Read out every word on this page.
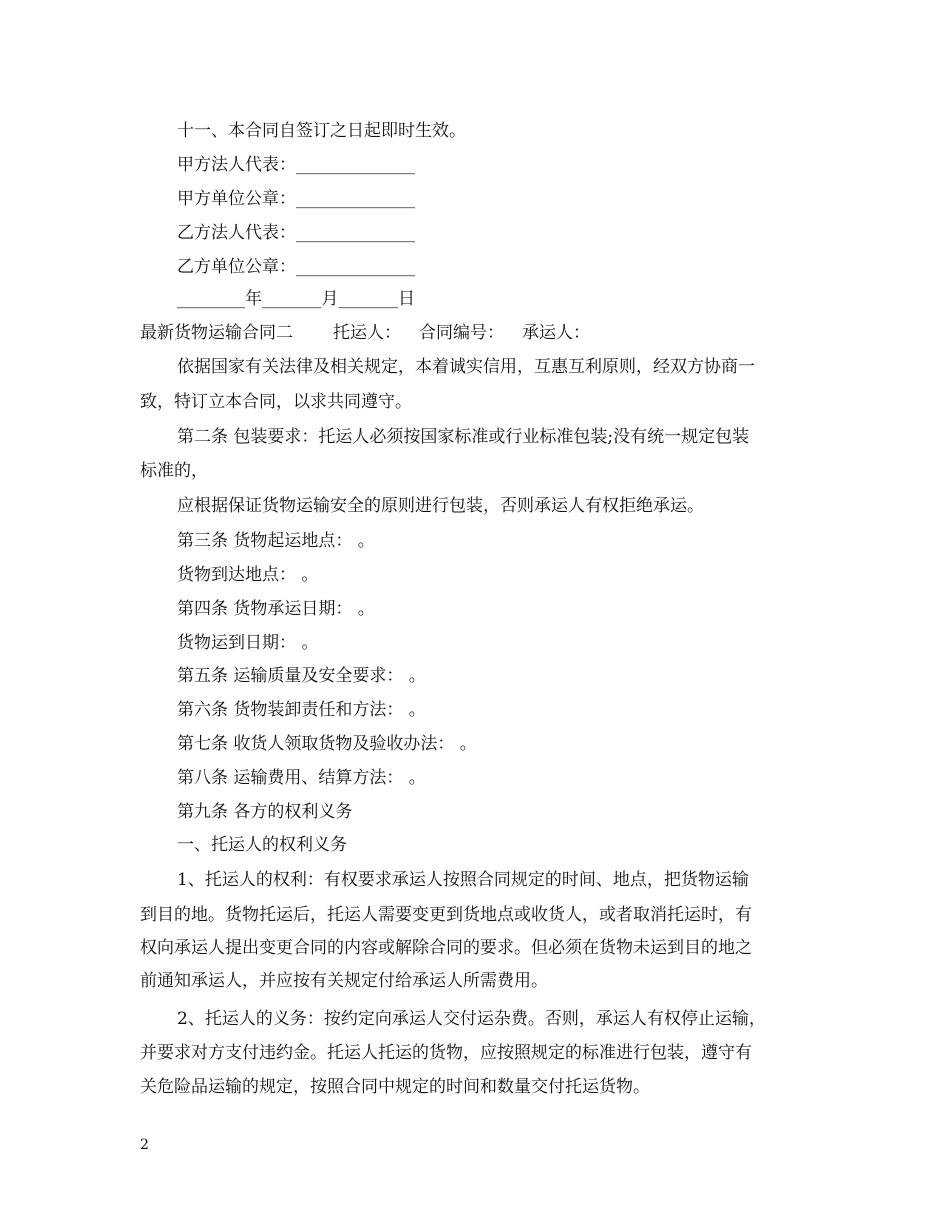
十一、本合同自签订之日起即时生效。
甲方法人代表：______________
甲方单位公章：______________
乙方法人代表：______________
乙方单位公章：______________
________年_______月_______日
最新货物运输合同二 托运人： 合同编号： 承运人：
依据国家有关法律及相关规定，本着诚实信用，互惠互利原则，经双方协商一
致，特订立本合同，以求共同遵守。
第二条 包装要求：托运人必须按国家标准或行业标准包装;没有统一规定包装
标准的，
应根据保证货物运输安全的原则进行包装，否则承运人有权拒绝承运。
第三条 货物起运地点： 。
货物到达地点： 。
第四条 货物承运日期： 。
货物运到日期： 。
第五条 运输质量及安全要求： 。
第六条 货物装卸责任和方法： 。
第七条 收货人领取货物及验收办法： 。
第八条 运输费用、结算方法： 。
第九条 各方的权利义务
一、托运人的权利义务
1、托运人的权利：有权要求承运人按照合同规定的时间、地点，把货物运输
到目的地。货物托运后，托运人需要变更到货地点或收货人，或者取消托运时，有
权向承运人提出变更合同的内容或解除合同的要求。但必须在货物未运到目的地之
前通知承运人，并应按有关规定付给承运人所需费用。
2、托运人的义务：按约定向承运人交付运杂费。否则，承运人有权停止运输，
并要求对方支付违约金。托运人托运的货物，应按照规定的标准进行包装，遵守有
关危险品运输的规定，按照合同中规定的时间和数量交付托运货物。
2
